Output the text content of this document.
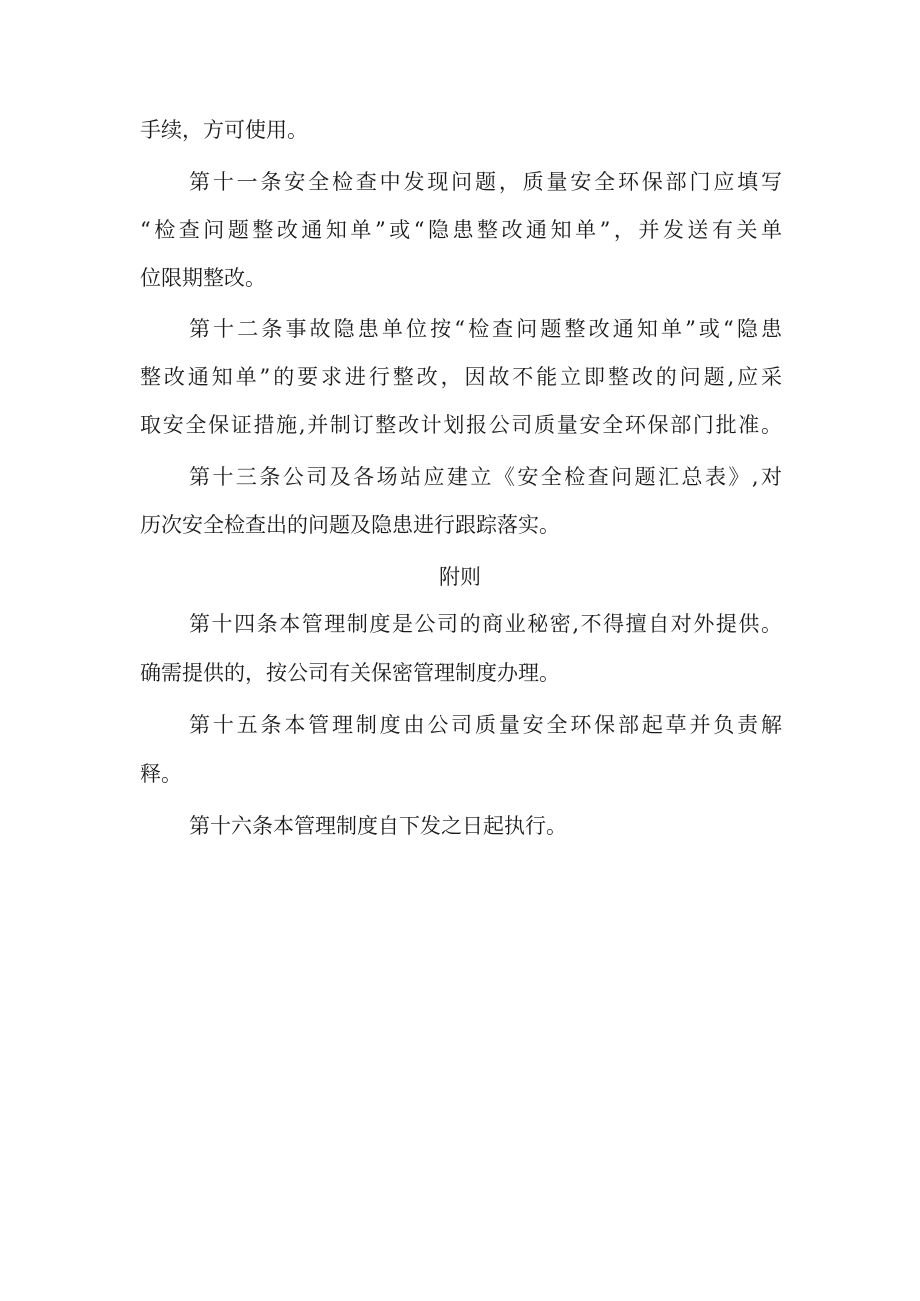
手续，方可使用。
第十一条安全检查中发现问题，质量安全环保部门应填写
“检查问题整改通知单”或“隐患整改通知单”，并发送有关单
位限期整改。
第十二条事故隐患单位按“检查问题整改通知单”或“隐患
整改通知单”的要求进行整改，因故不能立即整改的问题,应采
取安全保证措施,并制订整改计划报公司质量安全环保部门批准。
第十三条公司及各场站应建立《安全检查问题汇总表》,对
历次安全检查出的问题及隐患进行跟踪落实。
附则
第十四条本管理制度是公司的商业秘密,不得擅自对外提供。
确需提供的，按公司有关保密管理制度办理。
第十五条本管理制度由公司质量安全环保部起草并负责解
释。
第十六条本管理制度自下发之日起执行。
